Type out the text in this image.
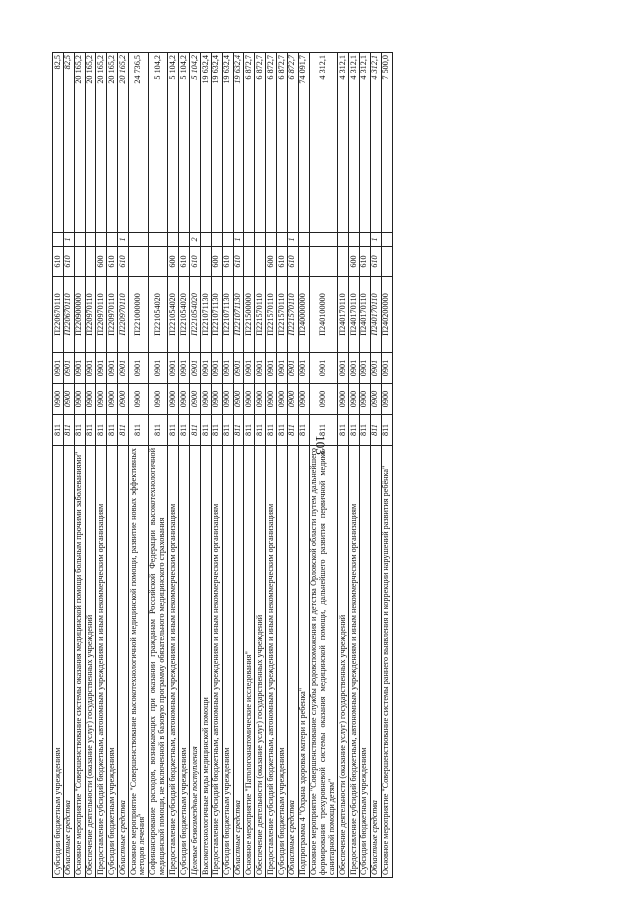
103
Субсидии бюджетным учреждениям	811	0900	0901	П220670110	610		82,5
Областные средства	811	0900	0901	П220670110	610	1	82,5
Основное мероприятие "Совершенствование системы оказания медицинской помощи больным прочими заболеваниями"	811	0900	0901	П220900000			20 165,2
Обеспечение деятельности (оказание услуг) государственных учреждений	811	0900	0901	П220970110			20 165,2
Предоставление субсидий бюджетным, автономным учреждениям и иным некоммерческим организациям	811	0900	0901	П220970110	600		20 165,2
Субсидии бюджетным учреждениям	811	0900	0901	П220970110	610		20 165,2
Областные средства	811	0900	0901	П220970110	610	1	20 165,2
Основное мероприятие "Совершенствование высокотехнологичной медицинской помощи, развитие новых эффективных методов лечения"	811	0900	0901	П221000000			24 736,5
Софинансирование расходов, возникающих при оказании гражданам Российской Федерации высокотехнологичной медицинской помощи, не включенной в базовую программу обязательного медицинского страхования	811	0900	0901	П221054020			5 104,2
Предоставление субсидий бюджетным, автономным учреждениям и иным некоммерческим организациям	811	0900	0901	П221054020	600		5 104,2
Субсидии бюджетным учреждениям	811	0900	0901	П221054020	610		5 104,2
Целевые безвозмездные поступления	811	0900	0901	П221054020	610	2	5 104,2
Высокотехнологичные виды медицинской помощи	811	0900	0901	П221071130			19 632,4
Предоставление субсидий бюджетным, автономным учреждениям и иным некоммерческим организациям	811	0900	0901	П221071130	600		19 632,4
Субсидии бюджетным учреждениям	811	0900	0901	П221071130	610		19 632,4
Областные средства	811	0900	0901	П221071130	610	1	19 632,4
Основное мероприятие "Патологоанатомические исследования"	811	0900	0901	П221500000			6 872,7
Обеспечение деятельности (оказание услуг) государственных учреждений	811	0900	0901	П221570110			6 872,7
Предоставление субсидий бюджетным, автономным учреждениям и иным некоммерческим организациям	811	0900	0901	П221570110	600		6 872,7
Субсидии бюджетным учреждениям	811	0900	0901	П221570110	610		6 872,7
Областные средства	811	0900	0901	П221570110	610	1	6 872,7
Подпрограмма 4 "Охрана здоровья матери и ребенка"	811	0900	0901	П240000000			74 091,7
Основное мероприятие "Совершенствование службы родовспоможения и детства Орловской области путем дальнейшего формирования трехуровневой системы оказания медицинской помощи, дальнейшего развития первичной медико-санитарной помощи детям"	811	0900	0901	П240100000			4 312,1
Обеспечение деятельности (оказание услуг) государственных учреждений	811	0900	0901	П240170110			4 312,1
Предоставление субсидий бюджетным, автономным учреждениям и иным некоммерческим организациям	811	0900	0901	П240170110	600		4 312,1
Субсидии бюджетным учреждениям	811	0900	0901	П240170110	610		4 312,1
Областные средства	811	0900	0901	П240170110	610	1	4 312,1
Основное мероприятие "Совершенствование системы раннего выявления и коррекции нарушений развития ребёнка"	811	0900	0901	П240200000			7 500,0
